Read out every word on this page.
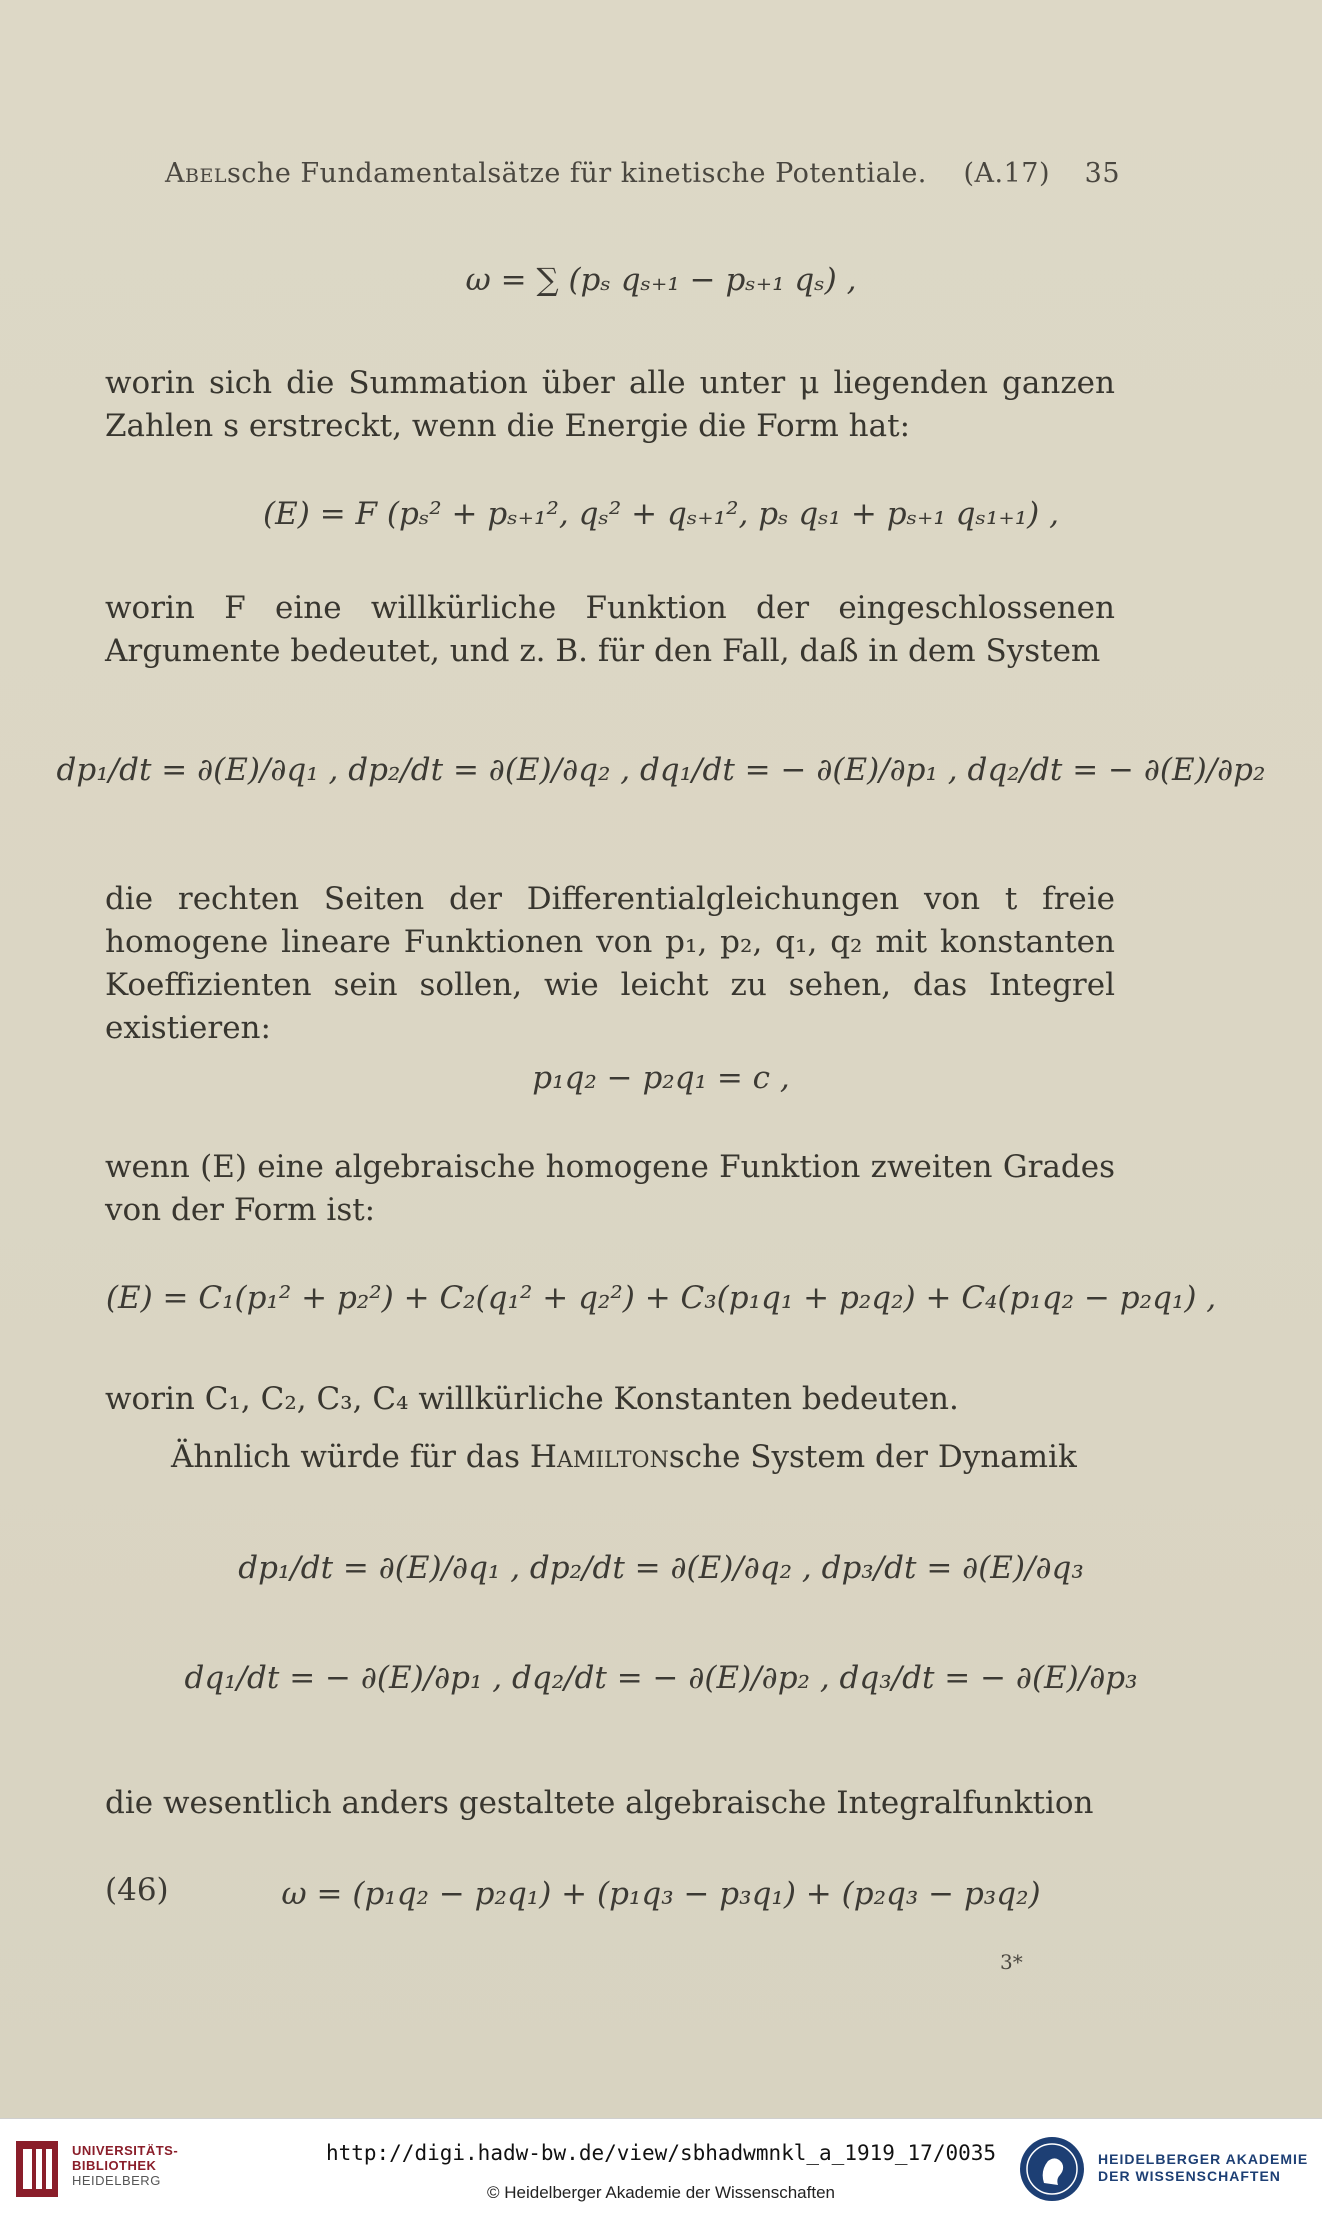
Abelsche Fundamentalsätze für kinetische Potentiale. (A.17) 35
ω = ∑ (pₛ qₛ₊₁ − pₛ₊₁ qₛ) ,
worin sich die Summation über alle unter μ liegenden ganzen Zahlen s erstreckt, wenn die Energie die Form hat:
(E) = F (pₛ² + pₛ₊₁², qₛ² + qₛ₊₁², pₛ qₛ₁ + pₛ₊₁ qₛ₁₊₁) ,
worin F eine willkürliche Funktion der eingeschlossenen Argumente bedeutet, und z. B. für den Fall, daß in dem System
dp₁/dt = ∂(E)/∂q₁ , dp₂/dt = ∂(E)/∂q₂ , dq₁/dt = − ∂(E)/∂p₁ , dq₂/dt = − ∂(E)/∂p₂
die rechten Seiten der Differentialgleichungen von t freie homogene lineare Funktionen von p₁, p₂, q₁, q₂ mit konstanten Koeffizienten sein sollen, wie leicht zu sehen, das Integrel existieren:
p₁q₂ − p₂q₁ = c ,
wenn (E) eine algebraische homogene Funktion zweiten Grades von der Form ist:
(E) = C₁(p₁² + p₂²) + C₂(q₁² + q₂²) + C₃(p₁q₁ + p₂q₂) + C₄(p₁q₂ − p₂q₁) ,
worin C₁, C₂, C₃, C₄ willkürliche Konstanten bedeuten.
Ähnlich würde für das Hamiltonsche System der Dynamik
dp₁/dt = ∂(E)/∂q₁ , dp₂/dt = ∂(E)/∂q₂ , dp₃/dt = ∂(E)/∂q₃
dq₁/dt = − ∂(E)/∂p₁ , dq₂/dt = − ∂(E)/∂p₂ , dq₃/dt = − ∂(E)/∂p₃
die wesentlich anders gestaltete algebraische Integralfunktion
(46)	ω = (p₁q₂ − p₂q₁) + (p₁q₃ − p₃q₁) + (p₂q₃ − p₃q₂)
3*
UNIVERSITÄTS-
BIBLIOTHEK
HEIDELBERG
http://digi.hadw-bw.de/view/sbhadwmnkl_a_1919_17/0035
© Heidelberger Akademie der Wissenschaften
HEIDELBERGER AKADEMIE
DER WISSENSCHAFTEN
